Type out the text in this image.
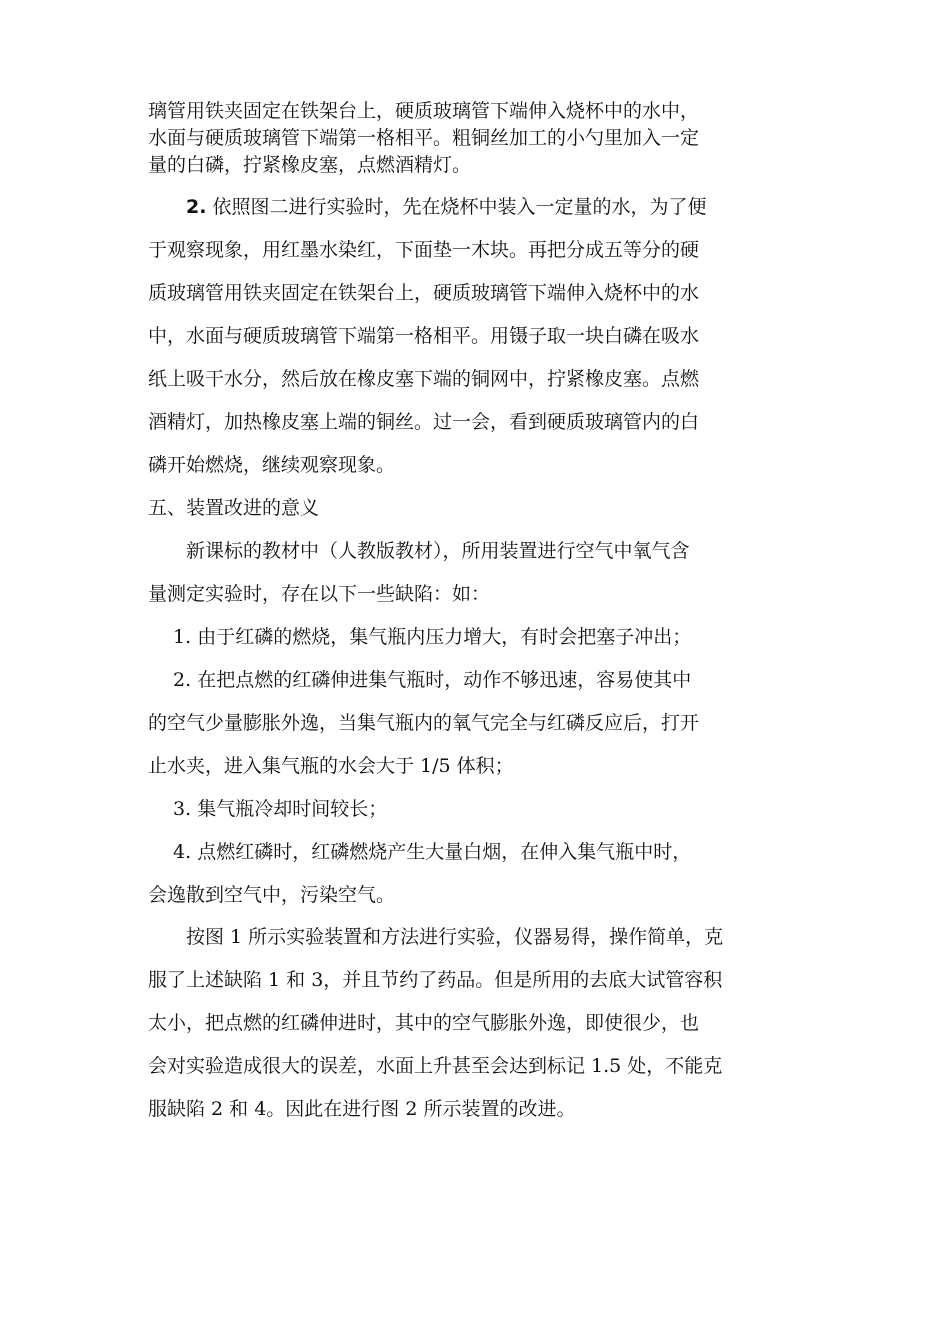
璃管用铁夹固定在铁架台上，硬质玻璃管下端伸入烧杯中的水中，
水面与硬质玻璃管下端第一格相平。粗铜丝加工的小勺里加入一定
量的白磷，拧紧橡皮塞，点燃酒精灯。
　　2. 依照图二进行实验时，先在烧杯中装入一定量的水，为了便
于观察现象，用红墨水染红，下面垫一木块。再把分成五等分的硬
质玻璃管用铁夹固定在铁架台上，硬质玻璃管下端伸入烧杯中的水
中，水面与硬质玻璃管下端第一格相平。用镊子取一块白磷在吸水
纸上吸干水分，然后放在橡皮塞下端的铜网中，拧紧橡皮塞。点燃
酒精灯，加热橡皮塞上端的铜丝。过一会，看到硬质玻璃管内的白
磷开始燃烧，继续观察现象。
五、装置改进的意义
　　新课标的教材中（人教版教材），所用装置进行空气中氧气含
量测定实验时，存在以下一些缺陷：如：
　 1. 由于红磷的燃烧，集气瓶内压力增大，有时会把塞子冲出；
　 2. 在把点燃的红磷伸进集气瓶时，动作不够迅速，容易使其中
的空气少量膨胀外逸，当集气瓶内的氧气完全与红磷反应后，打开
止水夹，进入集气瓶的水会大于 1/5 体积；
　 3. 集气瓶冷却时间较长；
　 4. 点燃红磷时，红磷燃烧产生大量白烟，在伸入集气瓶中时，
会逸散到空气中，污染空气。
　　按图 1 所示实验装置和方法进行实验，仪器易得，操作简单，克
服了上述缺陷 1 和 3，并且节约了药品。但是所用的去底大试管容积
太小，把点燃的红磷伸进时，其中的空气膨胀外逸，即使很少，也
会对实验造成很大的误差，水面上升甚至会达到标记 1.5 处，不能克
服缺陷 2 和 4。因此在进行图 2 所示装置的改进。
